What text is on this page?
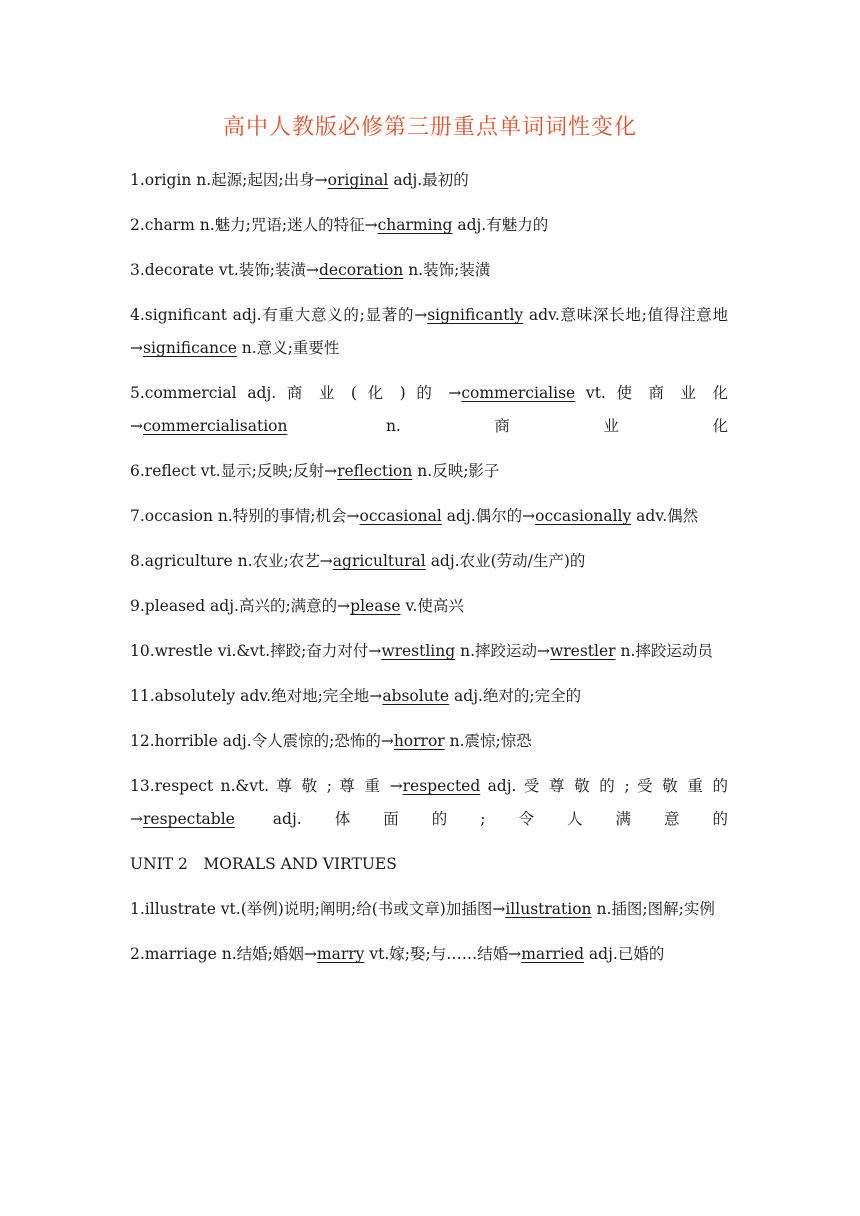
高中人教版必修第三册重点单词词性变化

1.origin n.起源;起因;出身→original adj.最初的

2.charm n.魅力;咒语;迷人的特征→charming adj.有魅力的

3.decorate vt.装饰;装潢→decoration n.装饰;装潢

4.significant adj.有重大意义的;显著的→significantly adv.意味深长地;值得注意地→significance n.意义;重要性

5.commercial adj. 商 业 ( 化 ) 的 →commercialise vt. 使 商 业 化 →commercialisation n.商业化

6.reflect vt.显示;反映;反射→reflection n.反映;影子

7.occasion n.特别的事情;机会→occasional adj.偶尔的→occasionally adv.偶然

8.agriculture n.农业;农艺→agricultural adj.农业(劳动/生产)的

9.pleased adj.高兴的;满意的→please v.使高兴

10.wrestle vi.&vt.摔跤;奋力对付→wrestling n.摔跤运动→wrestler n.摔跤运动员

11.absolutely adv.绝对地;完全地→absolute adj.绝对的;完全的

12.horrible adj.令人震惊的;恐怖的→horror n.震惊;惊恐

13.respect n.&vt. 尊 敬 ; 尊 重 →respected adj. 受 尊 敬 的 ; 受 敬 重 的 →respectable adj.体面的;令人满意的

UNIT 2　MORALS AND VIRTUES

1.illustrate vt.(举例)说明;阐明;给(书或文章)加插图→illustration n.插图;图解;实例

2.marriage n.结婚;婚姻→marry vt.嫁;娶;与……结婚→married adj.已婚的
